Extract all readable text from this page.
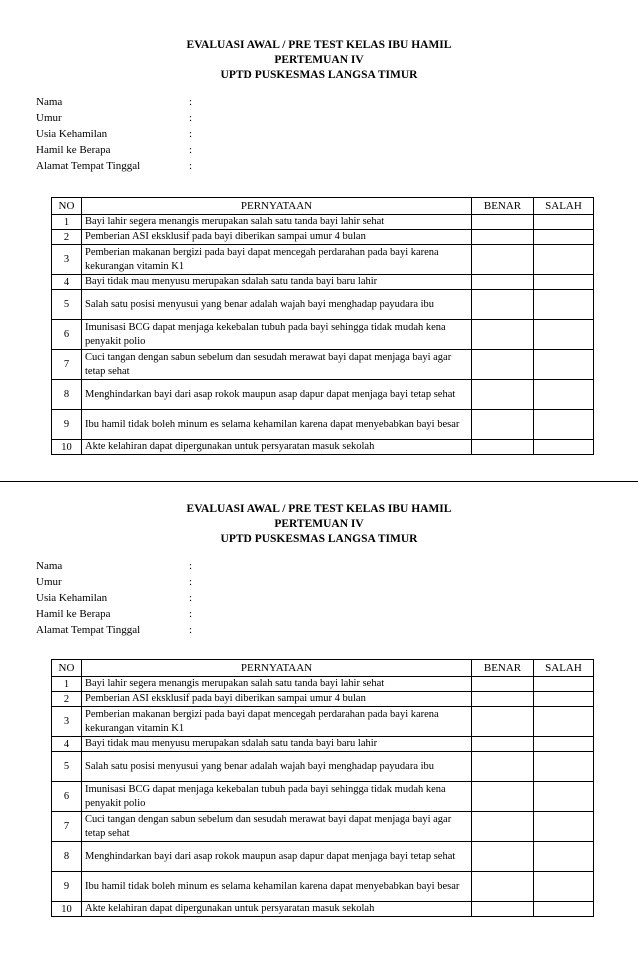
EVALUASI AWAL / PRE TEST KELAS IBU HAMIL
PERTEMUAN IV
UPTD PUSKESMAS LANGSA TIMUR
Nama	:
Umur	:
Usia Kehamilan	:
Hamil ke Berapa	:
Alamat Tempat Tinggal	:
NO	PERNYATAAN	BENAR	SALAH
1	Bayi lahir segera menangis merupakan salah satu tanda bayi lahir sehat		
2	Pemberian ASI eksklusif pada bayi diberikan sampai umur 4 bulan		
3	Pemberian makanan bergizi pada bayi dapat mencegah perdarahan pada bayi karena kekurangan vitamin K1		
4	Bayi tidak mau menyusu merupakan sdalah satu tanda bayi baru lahir		
5	Salah satu posisi menyusui yang benar adalah wajah bayi menghadap payudara ibu		
6	Imunisasi BCG dapat menjaga kekebalan tubuh pada bayi sehingga tidak mudah kena penyakit polio		
7	Cuci tangan dengan sabun sebelum dan sesudah merawat bayi dapat menjaga bayi agar tetap sehat		
8	Menghindarkan bayi dari asap rokok maupun asap dapur dapat menjaga bayi tetap sehat		
9	Ibu hamil tidak boleh minum es selama kehamilan karena dapat menyebabkan bayi besar		
10	Akte kelahiran dapat dipergunakan untuk persyaratan masuk sekolah		
EVALUASI AWAL / PRE TEST KELAS IBU HAMIL
PERTEMUAN IV
UPTD PUSKESMAS LANGSA TIMUR
Nama	:
Umur	:
Usia Kehamilan	:
Hamil ke Berapa	:
Alamat Tempat Tinggal	:
NO	PERNYATAAN	BENAR	SALAH
1	Bayi lahir segera menangis merupakan salah satu tanda bayi lahir sehat		
2	Pemberian ASI eksklusif pada bayi diberikan sampai umur 4 bulan		
3	Pemberian makanan bergizi pada bayi dapat mencegah perdarahan pada bayi karena kekurangan vitamin K1		
4	Bayi tidak mau menyusu merupakan sdalah satu tanda bayi baru lahir		
5	Salah satu posisi menyusui yang benar adalah wajah bayi menghadap payudara ibu		
6	Imunisasi BCG dapat menjaga kekebalan tubuh pada bayi sehingga tidak mudah kena penyakit polio		
7	Cuci tangan dengan sabun sebelum dan sesudah merawat bayi dapat menjaga bayi agar tetap sehat		
8	Menghindarkan bayi dari asap rokok maupun asap dapur dapat menjaga bayi tetap sehat		
9	Ibu hamil tidak boleh minum es selama kehamilan karena dapat menyebabkan bayi besar		
10	Akte kelahiran dapat dipergunakan untuk persyaratan masuk sekolah		
